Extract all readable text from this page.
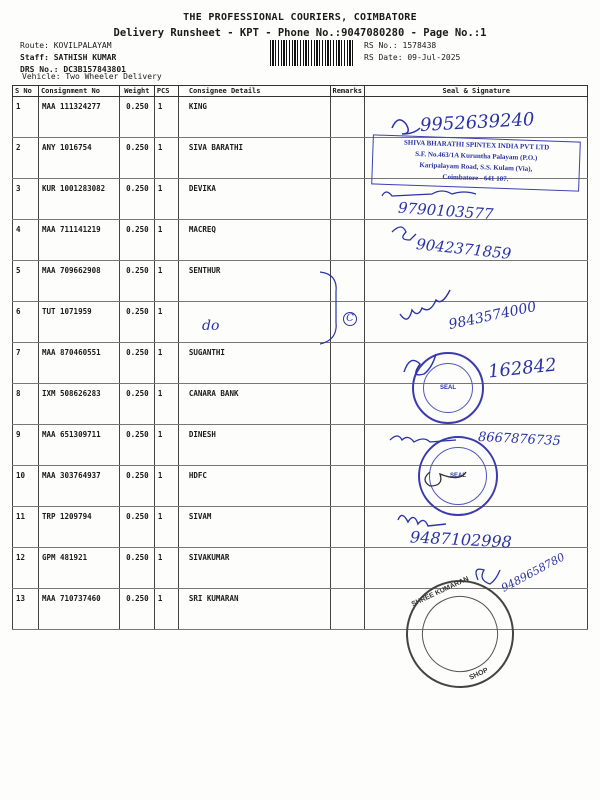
THE PROFESSIONAL COURIERS, COIMBATORE
Delivery Runsheet - KPT - Phone No.:9047080280 - Page No.:1
Route: KOVILPALAYAM
Staff: SATHISH KUMAR
DRS No.: DC3B157843801
RS No.: 1578438
RS Date: 09-Jul-2025
Vehicle: Two Wheeler Delivery
S No	Consignment No	Weight	PCS	Consignee Details	Remarks	Seal & Signature
1	MAA 111324277	0.250	1	KING		
2	ANY 1016754	0.250	1	SIVA BARATHI		
3	KUR 1001283082	0.250	1	DEVIKA		
4	MAA 711141219	0.250	1	MACREQ		
5	MAA 709662908	0.250	1	SENTHUR		
6	TUT 1071959	0.250	1			
7	MAA 870460551	0.250	1	SUGANTHI		
8	IXM 508626283	0.250	1	CANARA BANK		
9	MAA 651309711	0.250	1	DINESH		
10	MAA 303764937	0.250	1	HDFC		
11	TRP 1209794	0.250	1	SIVAM		
12	GPM 481921	0.250	1	SIVAKUMAR		
13	MAA 710737460	0.250	1	SRI KUMARAN		
9952639240
SHIVA BHARATHI SPINTEX INDIA PVT LTD
S.F. No.463/1A Kuruntha Palayam (P.O.)
Karipalayam Road, S.S. Kulam (Via),
Coimbatore - 641 107.
9790103577
9042371859
do	9843574000
162842
8667876735
9487102998
9489658780
C
SEAL
SEAL
SHREE KUMARAN
SHOP
